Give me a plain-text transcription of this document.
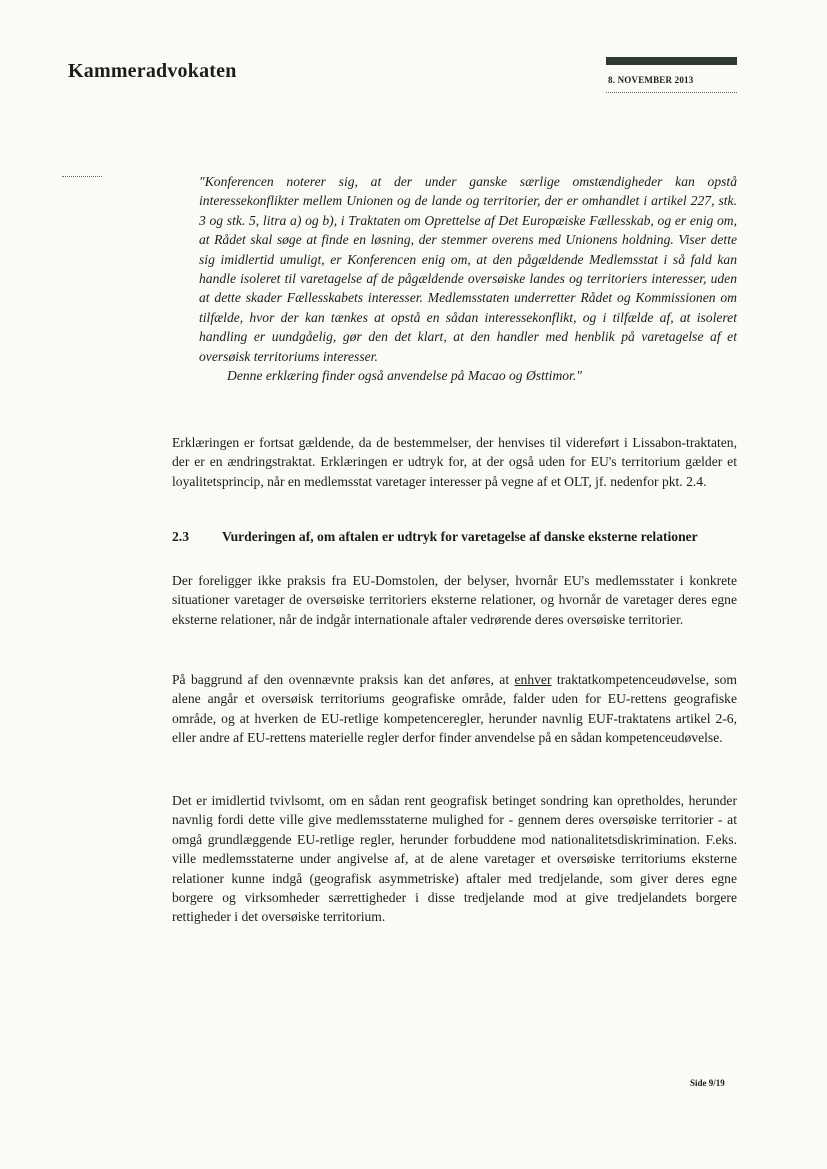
Kammeradvokaten	8. NOVEMBER 2013

"Konferencen noterer sig, at der under ganske særlige omstændigheder kan opstå interessekonflikter mellem Unionen og de lande og territorier, der er omhandlet i artikel 227, stk. 3 og stk. 5, litra a) og b), i Traktaten om Oprettelse af Det Europæiske Fællesskab, og er enig om, at Rådet skal søge at finde en løsning, der stemmer overens med Unionens holdning. Viser dette sig imidlertid umuligt, er Konferencen enig om, at den pågældende Medlemsstat i så fald kan handle isoleret til varetagelse af de pågældende oversøiske landes og territoriers interesser, uden at dette skader Fællesskabets interesser. Medlemsstaten underretter Rådet og Kommissionen om tilfælde, hvor der kan tænkes at opstå en sådan interessekonflikt, og i tilfælde af, at isoleret handling er uundgåelig, gør den det klart, at den handler med henblik på varetagelse af et oversøisk territoriums interesser.

Denne erklæring finder også anvendelse på Macao og Østtimor."

Erklæringen er fortsat gældende, da de bestemmelser, der henvises til videreført i Lissabon-traktaten, der er en ændringstraktat. Erklæringen er udtryk for, at der også uden for EU's territorium gælder et loyalitetsprincip, når en medlemsstat varetager interesser på vegne af et OLT, jf. nedenfor pkt. 2.4.

2.3 Vurderingen af, om aftalen er udtryk for varetagelse af danske eksterne relationer

Der foreligger ikke praksis fra EU-Domstolen, der belyser, hvornår EU's medlemsstater i konkrete situationer varetager de oversøiske territoriers eksterne relationer, og hvornår de varetager deres egne eksterne relationer, når de indgår internationale aftaler vedrørende deres oversøiske territorier.

På baggrund af den ovennævnte praksis kan det anføres, at enhver traktatkompetenceudøvelse, som alene angår et oversøisk territoriums geografiske område, falder uden for EU-rettens geografiske område, og at hverken de EU-retlige kompetenceregler, herunder navnlig EUF-traktatens artikel 2-6, eller andre af EU-rettens materielle regler derfor finder anvendelse på en sådan kompetenceudøvelse.

Det er imidlertid tvivlsomt, om en sådan rent geografisk betinget sondring kan opretholdes, herunder navnlig fordi dette ville give medlemsstaterne mulighed for - gennem deres oversøiske territorier - at omgå grundlæggende EU-retlige regler, herunder forbuddene mod nationalitetsdiskrimination. F.eks. ville medlemsstaterne under angivelse af, at de alene varetager et oversøiske territoriums eksterne relationer kunne indgå (geografisk asymmetriske) aftaler med tredjelande, som giver deres egne borgere og virksomheder særrettigheder i disse tredjelande mod at give tredjelandets borgere rettigheder i det oversøiske territorium.

Side 9/19
